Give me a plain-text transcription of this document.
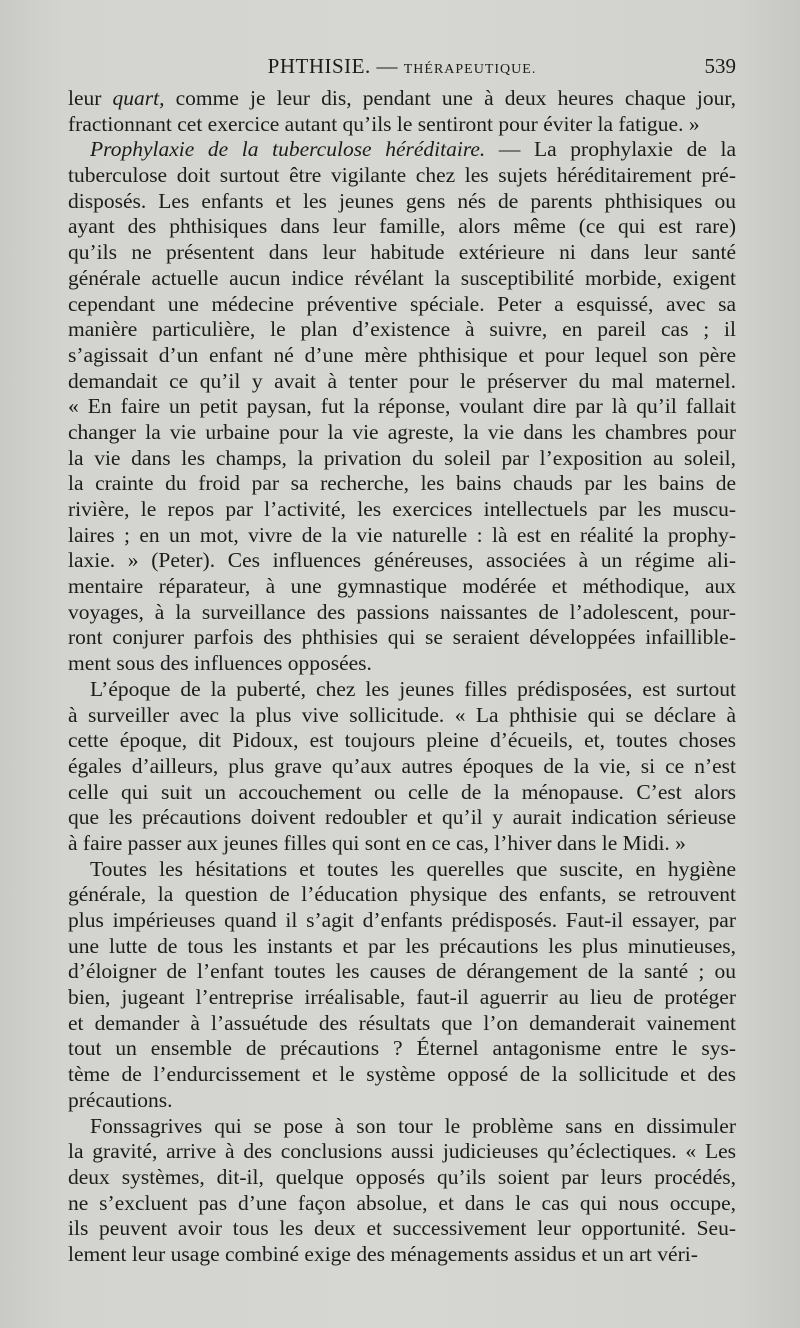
PHTHISIE. — THÉRAPEUTIQUE.	539
leur quart, comme je leur dis, pendant une à deux heures chaque jour,
fractionnant cet exercice autant qu’ils le sentiront pour éviter la fatigue. »
Prophylaxie de la tuberculose héréditaire. — La prophylaxie de la
tuberculose doit surtout être vigilante chez les sujets héréditairement pré-
disposés. Les enfants et les jeunes gens nés de parents phthisiques ou
ayant des phthisiques dans leur famille, alors même (ce qui est rare)
qu’ils ne présentent dans leur habitude extérieure ni dans leur santé
générale actuelle aucun indice révélant la susceptibilité morbide, exigent
cependant une médecine préventive spéciale. Peter a esquissé, avec sa
manière particulière, le plan d’existence à suivre, en pareil cas ; il
s’agissait d’un enfant né d’une mère phthisique et pour lequel son père
demandait ce qu’il y avait à tenter pour le préserver du mal maternel.
« En faire un petit paysan, fut la réponse, voulant dire par là qu’il fallait
changer la vie urbaine pour la vie agreste, la vie dans les chambres pour
la vie dans les champs, la privation du soleil par l’exposition au soleil,
la crainte du froid par sa recherche, les bains chauds par les bains de
rivière, le repos par l’activité, les exercices intellectuels par les muscu-
laires ; en un mot, vivre de la vie naturelle : là est en réalité la prophy-
laxie. » (Peter). Ces influences généreuses, associées à un régime ali-
mentaire réparateur, à une gymnastique modérée et méthodique, aux
voyages, à la surveillance des passions naissantes de l’adolescent, pour-
ront conjurer parfois des phthisies qui se seraient développées infaillible-
ment sous des influences opposées.
L’époque de la puberté, chez les jeunes filles prédisposées, est surtout
à surveiller avec la plus vive sollicitude. « La phthisie qui se déclare à
cette époque, dit Pidoux, est toujours pleine d’écueils, et, toutes choses
égales d’ailleurs, plus grave qu’aux autres époques de la vie, si ce n’est
celle qui suit un accouchement ou celle de la ménopause. C’est alors
que les précautions doivent redoubler et qu’il y aurait indication sérieuse
à faire passer aux jeunes filles qui sont en ce cas, l’hiver dans le Midi. »
Toutes les hésitations et toutes les querelles que suscite, en hygiène
générale, la question de l’éducation physique des enfants, se retrouvent
plus impérieuses quand il s’agit d’enfants prédisposés. Faut-il essayer, par
une lutte de tous les instants et par les précautions les plus minutieuses,
d’éloigner de l’enfant toutes les causes de dérangement de la santé ; ou
bien, jugeant l’entreprise irréalisable, faut-il aguerrir au lieu de protéger
et demander à l’assuétude des résultats que l’on demanderait vainement
tout un ensemble de précautions ? Éternel antagonisme entre le sys-
tème de l’endurcissement et le système opposé de la sollicitude et des
précautions.
Fonssagrives qui se pose à son tour le problème sans en dissimuler
la gravité, arrive à des conclusions aussi judicieuses qu’éclectiques. « Les
deux systèmes, dit-il, quelque opposés qu’ils soient par leurs procédés,
ne s’excluent pas d’une façon absolue, et dans le cas qui nous occupe,
ils peuvent avoir tous les deux et successivement leur opportunité. Seu-
lement leur usage combiné exige des ménagements assidus et un art véri-
